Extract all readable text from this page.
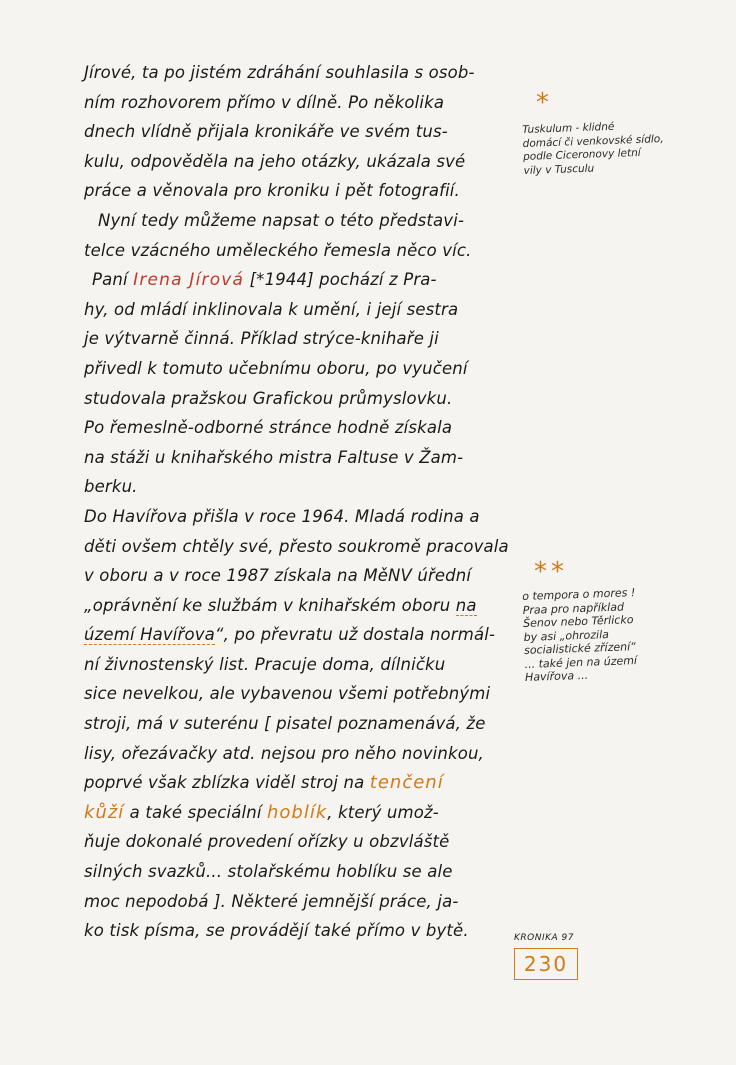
Jírové, ta po jistém zdráhání souhlasila s osob-
ním rozhovorem přímo v dílně. Po několika
dnech vlídně přijala kronikáře ve svém tus-
kulu, odpověděla na jeho otázky, ukázala své
práce a věnovala pro kroniku i pět fotografií.
Nyní tedy můžeme napsat o této představi-
telce vzácného uměleckého řemesla něco víc.
Paní Irena Jírová [*1944] pochází z Pra-
hy, od mládí inklinovala k umění, i její sestra
je výtvarně činná. Příklad strýce-knihaře ji
přivedl k tomuto učebnímu oboru, po vyučení
studovala pražskou Grafickou průmyslovku.
Po řemeslně-odborné stránce hodně získala
na stáži u knihařského mistra Faltuse v Žam-
berku.
Do Havířova přišla v roce 1964. Mladá rodina a
děti ovšem chtěly své, přesto soukromě pracovala
v oboru a v roce 1987 získala na MěNV úřední
„oprávnění ke službám v knihařském oboru na
území Havířova“, po převratu už dostala normál-
ní živnostenský list. Pracuje doma, dílničku
sice nevelkou, ale vybavenou všemi potřebnými
stroji, má v suterénu [ pisatel poznamenává, že
lisy, ořezávačky atd. nejsou pro něho novinkou,
poprvé však zblízka viděl stroj na tenčení
kůží a také speciální hoblík, který umož-
ňuje dokonalé provedení ořízky u obzvláště
silných svazků... stolařskému hoblíku se ale
moc nepodobá ]. Některé jemnější práce, ja-
ko tisk písma, se provádějí také přímo v bytě.
*
Tuskulum - klidné
domácí či venkovské sídlo,
podle Ciceronovy letní
vily v Tusculu
**
o tempora o mores !
Praa pro například
Šenov nebo Těrlicko
by asi „ohrozila
socialistické zřízení“
... také jen na území
Havířova ...
KRONIKA 97
230
